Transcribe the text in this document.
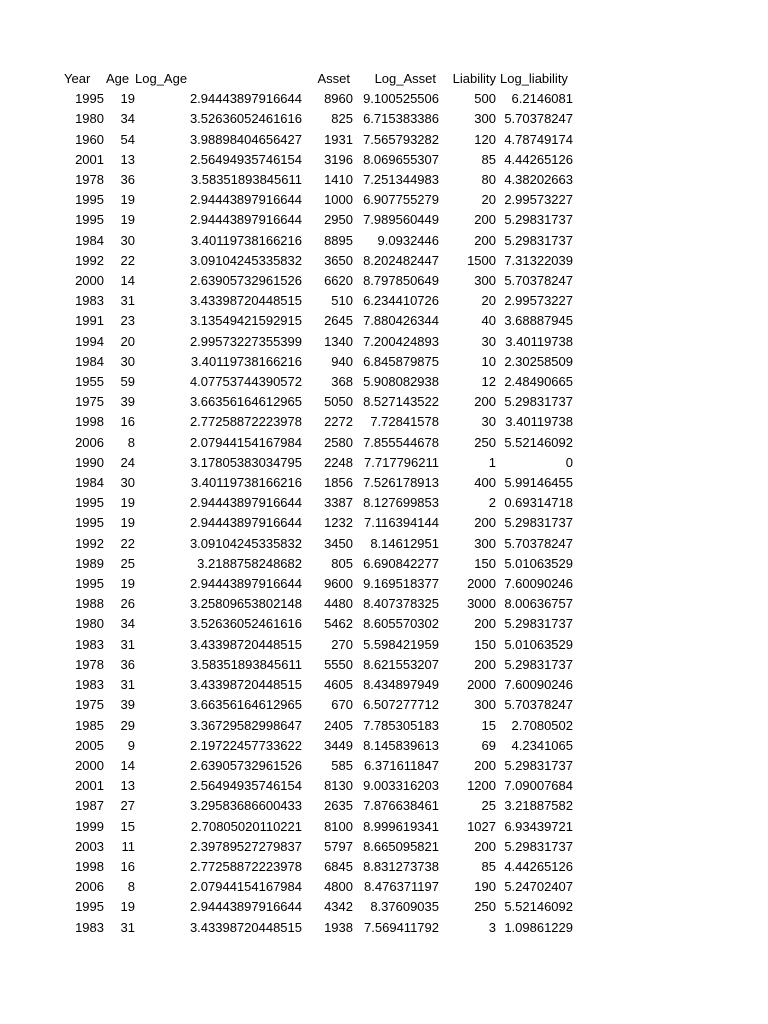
Year	Age	Log_Age	Asset	Log_Asset	Liability	Log_liability
1995	19	2.94443897916644	8960	9.100525506	500	6.2146081
1980	34	3.52636052461616	825	6.715383386	300	5.70378247
1960	54	3.98898404656427	1931	7.565793282	120	4.78749174
2001	13	2.56494935746154	3196	8.069655307	85	4.44265126
1978	36	3.58351893845611	1410	7.251344983	80	4.38202663
1995	19	2.94443897916644	1000	6.907755279	20	2.99573227
1995	19	2.94443897916644	2950	7.989560449	200	5.29831737
1984	30	3.40119738166216	8895	9.0932446	200	5.29831737
1992	22	3.09104245335832	3650	8.202482447	1500	7.31322039
2000	14	2.63905732961526	6620	8.797850649	300	5.70378247
1983	31	3.43398720448515	510	6.234410726	20	2.99573227
1991	23	3.13549421592915	2645	7.880426344	40	3.68887945
1994	20	2.99573227355399	1340	7.200424893	30	3.40119738
1984	30	3.40119738166216	940	6.845879875	10	2.30258509
1955	59	4.07753744390572	368	5.908082938	12	2.48490665
1975	39	3.66356164612965	5050	8.527143522	200	5.29831737
1998	16	2.77258872223978	2272	7.72841578	30	3.40119738
2006	8	2.07944154167984	2580	7.855544678	250	5.52146092
1990	24	3.17805383034795	2248	7.717796211	1	0
1984	30	3.40119738166216	1856	7.526178913	400	5.99146455
1995	19	2.94443897916644	3387	8.127699853	2	0.69314718
1995	19	2.94443897916644	1232	7.116394144	200	5.29831737
1992	22	3.09104245335832	3450	8.14612951	300	5.70378247
1989	25	3.2188758248682	805	6.690842277	150	5.01063529
1995	19	2.94443897916644	9600	9.169518377	2000	7.60090246
1988	26	3.25809653802148	4480	8.407378325	3000	8.00636757
1980	34	3.52636052461616	5462	8.605570302	200	5.29831737
1983	31	3.43398720448515	270	5.598421959	150	5.01063529
1978	36	3.58351893845611	5550	8.621553207	200	5.29831737
1983	31	3.43398720448515	4605	8.434897949	2000	7.60090246
1975	39	3.66356164612965	670	6.507277712	300	5.70378247
1985	29	3.36729582998647	2405	7.785305183	15	2.7080502
2005	9	2.19722457733622	3449	8.145839613	69	4.2341065
2000	14	2.63905732961526	585	6.371611847	200	5.29831737
2001	13	2.56494935746154	8130	9.003316203	1200	7.09007684
1987	27	3.29583686600433	2635	7.876638461	25	3.21887582
1999	15	2.70805020110221	8100	8.999619341	1027	6.93439721
2003	11	2.39789527279837	5797	8.665095821	200	5.29831737
1998	16	2.77258872223978	6845	8.831273738	85	4.44265126
2006	8	2.07944154167984	4800	8.476371197	190	5.24702407
1995	19	2.94443897916644	4342	8.37609035	250	5.52146092
1983	31	3.43398720448515	1938	7.569411792	3	1.09861229
